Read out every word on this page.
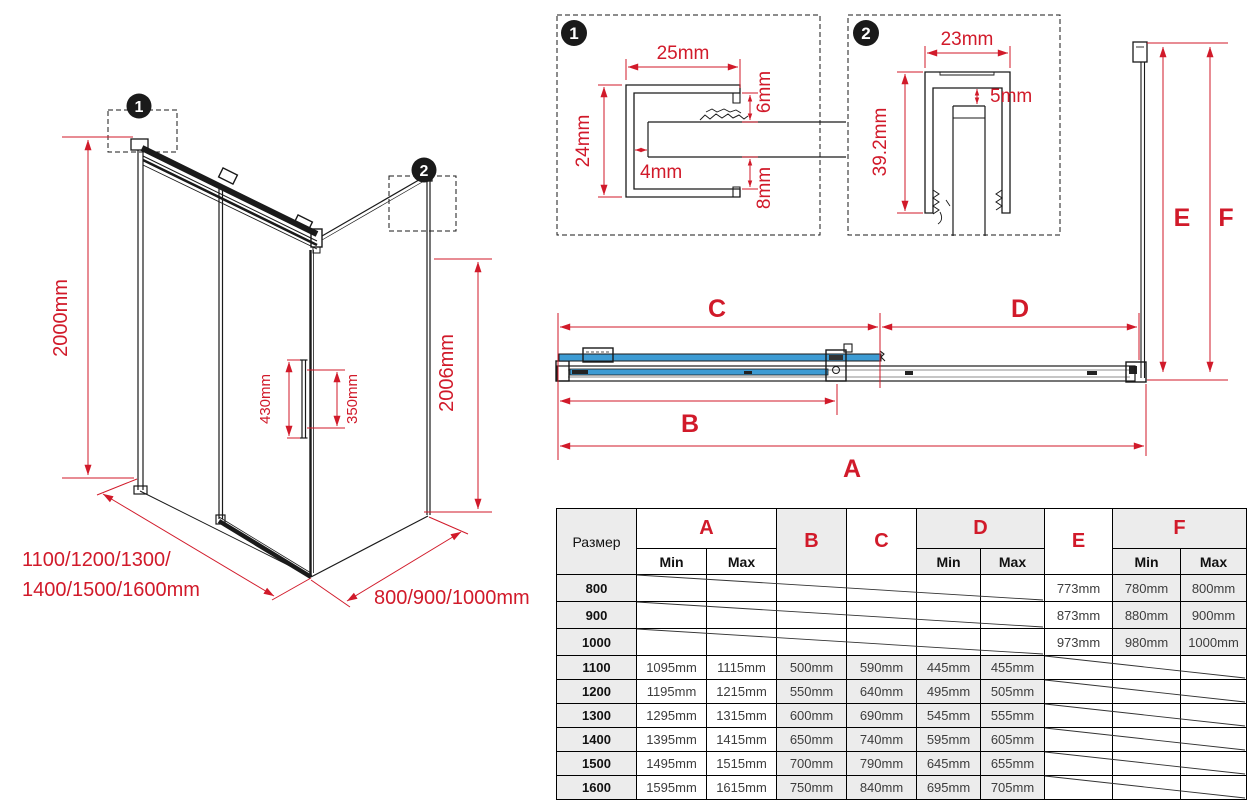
1
2
2000mm
2006mm
430mm	350mm
1100/1200/1300/
1400/1500/1600mm	800/900/1000mm
1
25mm
24mm
4mm
6mm
8mm
2	23mm
5mm
39.2mm
E F
C	D
B
A
Размер	A		B	C	D		E	F	
	Min	Max			Min	Max		Min	Max
800							773mm	780mm	800mm
900							873mm	880mm	900mm
1000							973mm	980mm	1000mm
1100	1095mm	1115mm	500mm	590mm	445mm	455mm			
1200	1195mm	1215mm	550mm	640mm	495mm	505mm			
1300	1295mm	1315mm	600mm	690mm	545mm	555mm			
1400	1395mm	1415mm	650mm	740mm	595mm	605mm			
1500	1495mm	1515mm	700mm	790mm	645mm	655mm			
1600	1595mm	1615mm	750mm	840mm	695mm	705mm			
